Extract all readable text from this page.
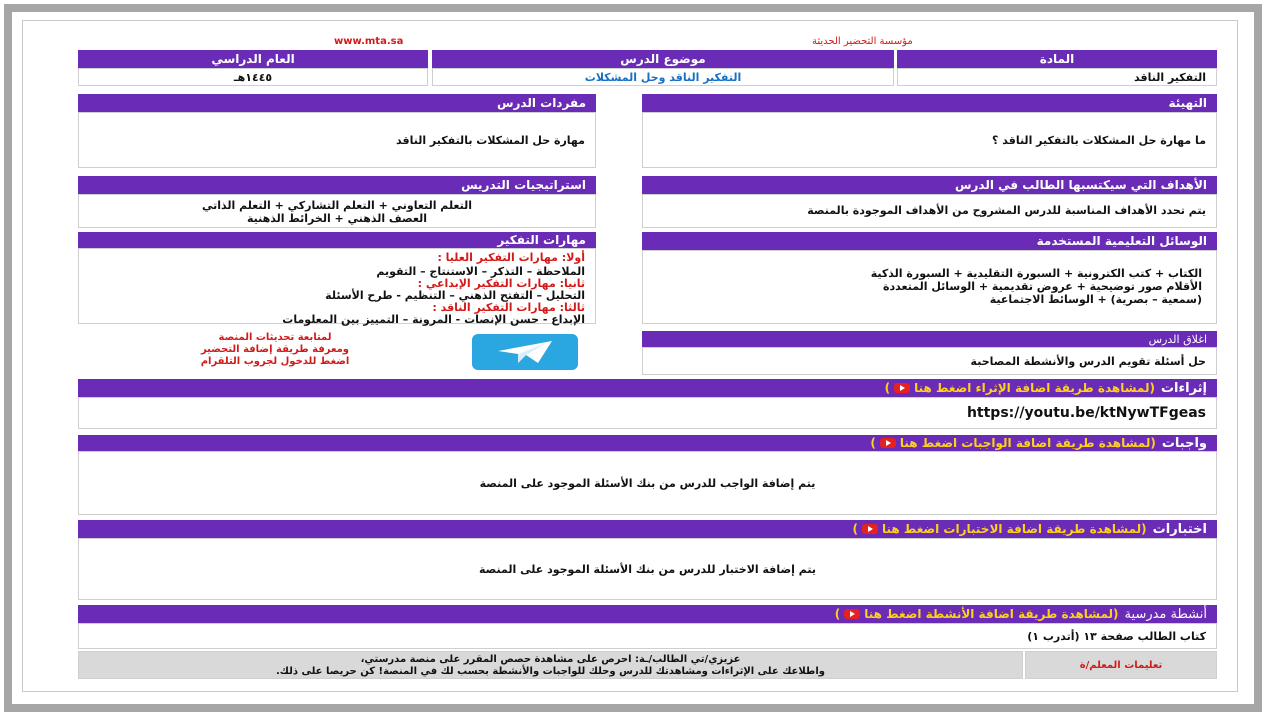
www.mta.sa	مؤسسة التحضير الحديثة
المادة
التفكير الناقد
موضوع الدرس
التفكير الناقد وحل المشكلات
العام الدراسي
١٤٤٥هـ
التهيئة
ما مهارة حل المشكلات بالتفكير الناقد ؟
الأهداف التي سيكتسبها الطالب في الدرس
يتم تحدد الأهداف المناسبة للدرس المشروح من الأهداف الموجودة بالمنصة
الوسائل التعليمية المستخدمة
الكتاب + كتب الكترونية + السبورة التقليدية + السبورة الذكية
الأقلام صور توضيحية + عروض تقديمية + الوسائل المتعددة
(سمعية – بصرية) + الوسائط الاجتماعية
اغلاق الدرس
حل أسئلة تقويم الدرس والأنشطة المصاحبة
مفردات الدرس
مهارة حل المشكلات بالتفكير الناقد
استراتيجيات التدريس
التعلم التعاوني + التعلم التشاركي + التعلم الذاتي
العصف الذهني + الخرائط الذهنية
مهارات التفكير

أولا: مهارات التفكير العليا :

الملاحظة – التذكر – الاستنتاج – التقويم

ثانيا: مهارات التفكير الإبداعي :

التحليل – التفتح الذهني – التنظيم - طرح الأسئلة

ثالثا: مهارات التفكير الناقد :

الإبداع - حسن الإنصات - المرونة – التمييز بين المعلومات

لمتابعة تحديثات المنصة
ومعرفة طريقة إضافة التحضير
اضغط للدخول لجروب التلقرام
إثراءات
(لمشاهدة طريقة اضافة الإثراء اضغط هنا
)
https://youtu.be/ktNywTFgeas
واجبات
(لمشاهدة طريقة اضافة الواجبات اضغط هنا
)
يتم إضافة الواجب للدرس من بنك الأسئلة الموجود على المنصة
اختبارات
(لمشاهدة طريقة اضافة الاختبارات اضغط هنا
)
يتم إضافة الاختبار للدرس من بنك الأسئلة الموجود على المنصة
أنشطة مدرسية
(لمشاهدة طريقة اضافة الأنشطة اضغط هنا
)
كتاب الطالب صفحة ١٣ (أتدرب ١)
تعليمات المعلم/ة
عزيزي/تي الطالب/ـة: احرص على مشاهدة حصص المقرر على منصة مدرستي،
واطلاعك على الإثراءات ومشاهدتك للدرس وحلك للواجبات والأنشطة بحسب لك في المنصة! كن حريصا على ذلك.
